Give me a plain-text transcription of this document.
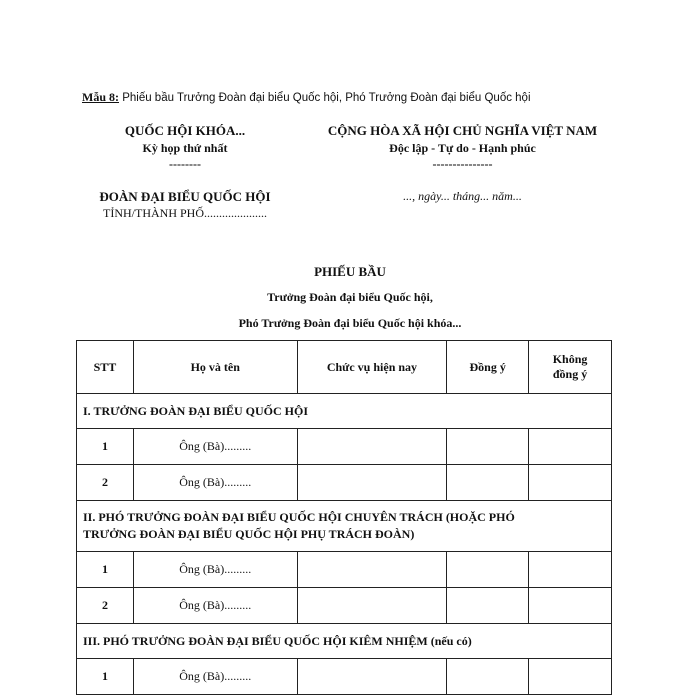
Mẫu 8: Phiếu bầu Trưởng Đoàn đại biểu Quốc hội, Phó Trưởng Đoàn đại biểu Quốc hội
QUỐC HỘI KHÓA...
Kỳ họp thứ nhất
--------
CỘNG HÒA XÃ HỘI CHỦ NGHĨA VIỆT NAM
Độc lập - Tự do - Hạnh phúc
---------------
ĐOÀN ĐẠI BIỂU QUỐC HỘI
TỈNH/THÀNH PHỐ.....................
..., ngày... tháng... năm...
PHIẾU BẦU
Trưởng Đoàn đại biểu Quốc hội,
Phó Trưởng Đoàn đại biểu Quốc hội khóa...
STT	Họ và tên	Chức vụ hiện nay	Đồng ý	Không
đồng ý
I. TRƯỞNG ĐOÀN ĐẠI BIỂU QUỐC HỘI				
1	Ông (Bà).........			
2	Ông (Bà).........			
II. PHÓ TRƯỞNG ĐOÀN ĐẠI BIỂU QUỐC HỘI CHUYÊN TRÁCH (HOẶC PHÓ
TRƯỞNG ĐOÀN ĐẠI BIỂU QUỐC HỘI PHỤ TRÁCH ĐOÀN)				
1	Ông (Bà).........			
2	Ông (Bà).........			
III. PHÓ TRƯỞNG ĐOÀN ĐẠI BIỂU QUỐC HỘI KIÊM NHIỆM (nếu có)				
1	Ông (Bà).........			
